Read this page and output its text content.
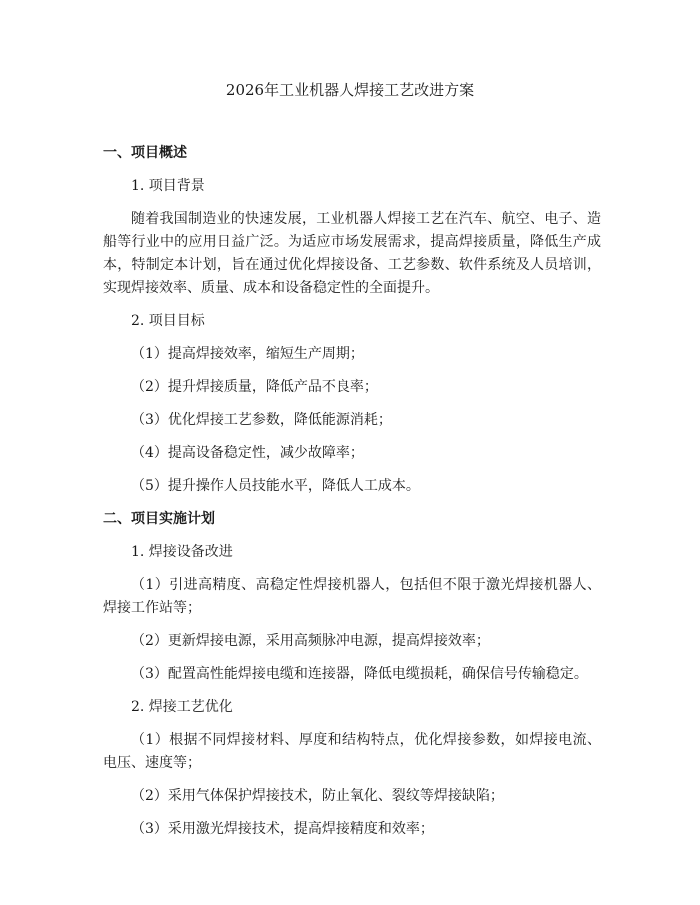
2026年工业机器人焊接工艺改进方案
一、项目概述
1. 项目背景

随着我国制造业的快速发展，工业机器人焊接工艺在汽车、航空、电子、造船等行业中的应用日益广泛。为适应市场发展需求，提高焊接质量，降低生产成本，特制定本计划，旨在通过优化焊接设备、工艺参数、软件系统及人员培训，实现焊接效率、质量、成本和设备稳定性的全面提升。

2. 项目目标

（1）提高焊接效率，缩短生产周期；

（2）提升焊接质量，降低产品不良率；

（3）优化焊接工艺参数，降低能源消耗；

（4）提高设备稳定性，减少故障率；

（5）提升操作人员技能水平，降低人工成本。

二、项目实施计划
1. 焊接设备改进

（1）引进高精度、高稳定性焊接机器人，包括但不限于激光焊接机器人、焊接工作站等；

（2）更新焊接电源，采用高频脉冲电源，提高焊接效率；

（3）配置高性能焊接电缆和连接器，降低电缆损耗，确保信号传输稳定。

2. 焊接工艺优化

（1）根据不同焊接材料、厚度和结构特点，优化焊接参数，如焊接电流、电压、速度等；

（2）采用气体保护焊接技术，防止氧化、裂纹等焊接缺陷；

（3）采用激光焊接技术，提高焊接精度和效率；
